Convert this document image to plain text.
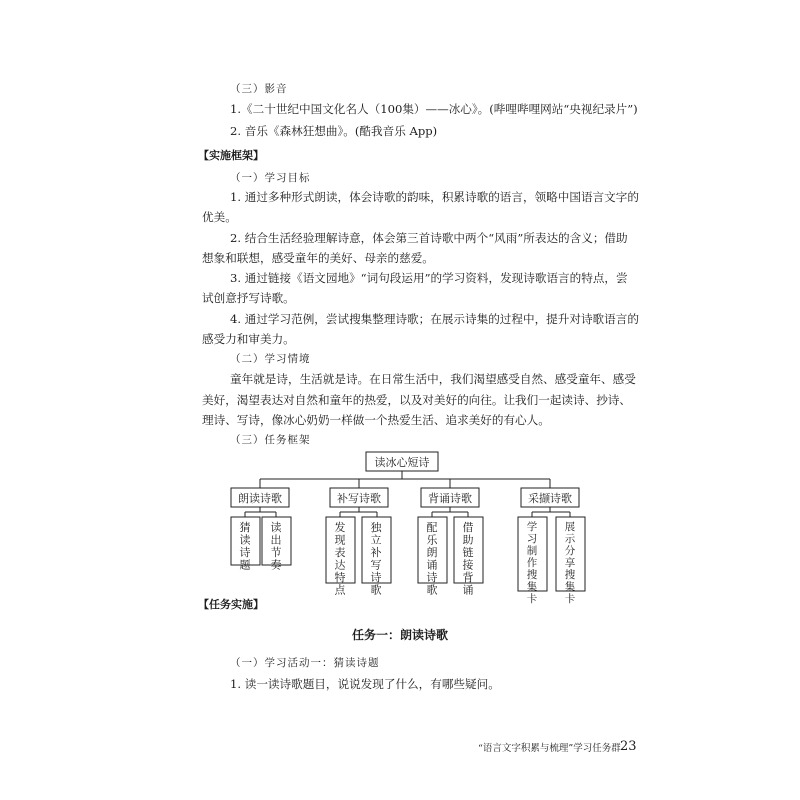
（三）影音
1.《二十世纪中国文化名人（100集）——冰心》。(哔哩哔哩网站“央视纪录片”)
2. 音乐《森林狂想曲》。(酷我音乐 App)
【实施框架】
（一）学习目标
1. 通过多种形式朗读，体会诗歌的韵味，积累诗歌的语言，领略中国语言文字的
优美。
2. 结合生活经验理解诗意，体会第三首诗歌中两个“风雨”所表达的含义；借助
想象和联想，感受童年的美好、母亲的慈爱。
3. 通过链接《语文园地》“词句段运用”的学习资料，发现诗歌语言的特点，尝
试创意抒写诗歌。
4. 通过学习范例，尝试搜集整理诗歌；在展示诗集的过程中，提升对诗歌语言的
感受力和审美力。
（二）学习情境
童年就是诗，生活就是诗。在日常生活中，我们渴望感受自然、感受童年、感受
美好，渴望表达对自然和童年的热爱，以及对美好的向往。让我们一起读诗、抄诗、
理诗、写诗，像冰心奶奶一样做一个热爱生活、追求美好的有心人。
（三）任务框架
读冰心短诗
朗读诗歌	补写诗歌	背诵诗歌	采撷诗歌
猜读诗题
读出节奏
发现表达特点
独立补写诗歌
配乐朗诵诗歌
借助链接背诵
学习制作搜集卡
展示分享搜集卡
【任务实施】
任务一：朗读诗歌
（一）学习活动一：猜读诗题
1. 读一读诗歌题目，说说发现了什么，有哪些疑问。
“语言文字积累与梳理”学习任务群 23
